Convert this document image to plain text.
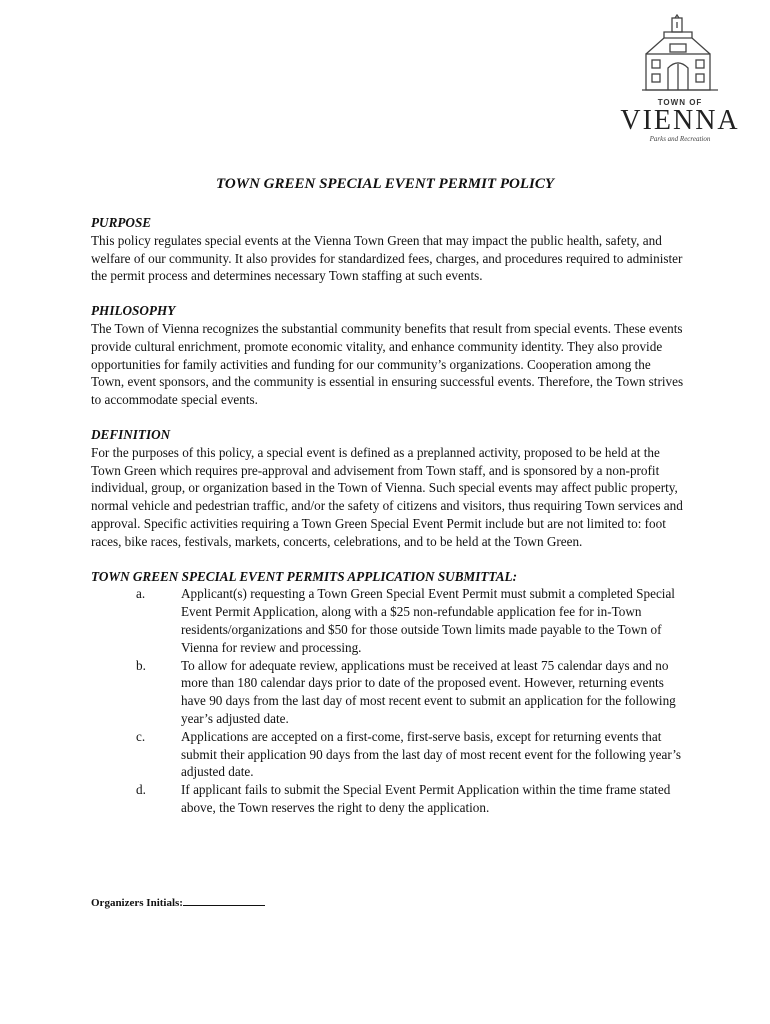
TOWN OF
VIENNA
Parks and Recreation
TOWN GREEN SPECIAL EVENT PERMIT POLICY

PURPOSE

This policy regulates special events at the Vienna Town Green that may impact the public health, safety, and welfare of our community. It also provides for standardized fees, charges, and procedures required to administer the permit process and determines necessary Town staffing at such events.

PHILOSOPHY

The Town of Vienna recognizes the substantial community benefits that result from special events. These events provide cultural enrichment, promote economic vitality, and enhance community identity. They also provide opportunities for family activities and funding for our community’s organizations. Cooperation among the Town, event sponsors, and the community is essential in ensuring successful events. Therefore, the Town strives to accommodate special events.

DEFINITION

For the purposes of this policy, a special event is defined as a preplanned activity, proposed to be held at the Town Green which requires pre-approval and advisement from Town staff, and is sponsored by a non-profit individual, group, or organization based in the Town of Vienna. Such special events may affect public property, normal vehicle and pedestrian traffic, and/or the safety of citizens and visitors, thus requiring Town services and approval. Specific activities requiring a Town Green Special Event Permit include but are not limited to: foot races, bike races, festivals, markets, concerts, celebrations, and to be held at the Town Green.

TOWN GREEN SPECIAL EVENT PERMITS APPLICATION SUBMITTAL:

a.	Applicant(s) requesting a Town Green Special Event Permit must submit a completed Special Event Permit Application, along with a $25 non-refundable application fee for in-Town residents/organizations and $50 for those outside Town limits made payable to the Town of Vienna for review and processing.
b.	To allow for adequate review, applications must be received at least 75 calendar days and no more than 180 calendar days prior to date of the proposed event. However, returning events have 90 days from the last day of most recent event to submit an application for the following year’s adjusted date.
c.	Applications are accepted on a first-come, first-serve basis, except for returning events that submit their application 90 days from the last day of most recent event for the following year’s adjusted date.
d.	If applicant fails to submit the Special Event Permit Application within the time frame stated above, the Town reserves the right to deny the application.
Organizers Initials:
